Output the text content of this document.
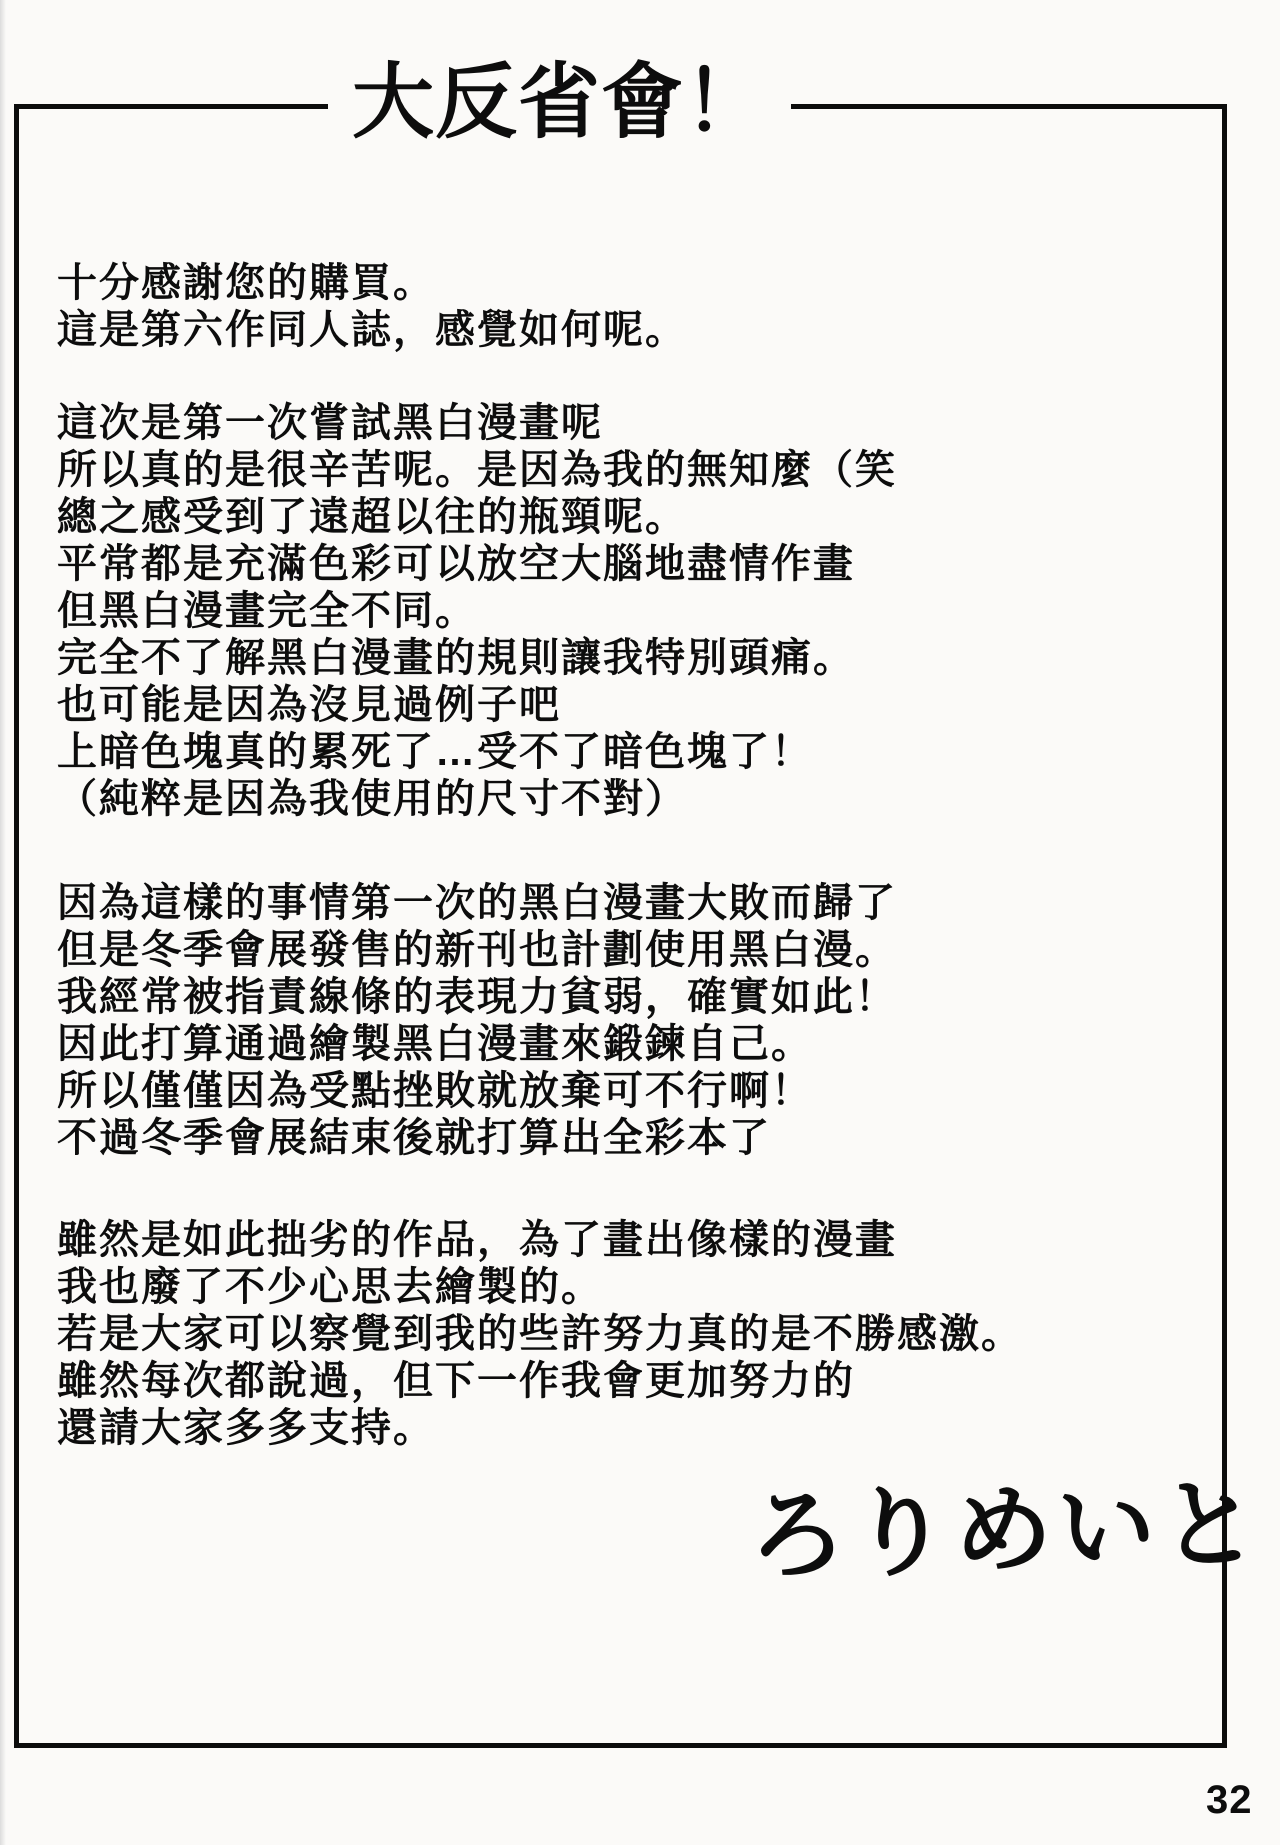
大反省會！
十分感謝您的購買。
這是第六作同人誌，感覺如何呢。
這次是第一次嘗試黑白漫畫呢
所以真的是很辛苦呢。是因為我的無知麼（笑
總之感受到了遠超以往的瓶頸呢。
平常都是充滿色彩可以放空大腦地盡情作畫
但黑白漫畫完全不同。
完全不了解黑白漫畫的規則讓我特別頭痛。
也可能是因為沒見過例子吧
上暗色塊真的累死了…受不了暗色塊了！
（純粹是因為我使用的尺寸不對）
因為這樣的事情第一次的黑白漫畫大敗而歸了
但是冬季會展發售的新刊也計劃使用黑白漫。
我經常被指責線條的表現力貧弱，確實如此！
因此打算通過繪製黑白漫畫來鍛鍊自己。
所以僅僅因為受點挫敗就放棄可不行啊！
不過冬季會展結束後就打算出全彩本了
雖然是如此拙劣的作品，為了畫出像樣的漫畫
我也廢了不少心思去繪製的。
若是大家可以察覺到我的些許努力真的是不勝感激。
雖然每次都說過，但下一作我會更加努力的
還請大家多多支持。
ろりめいと
32
